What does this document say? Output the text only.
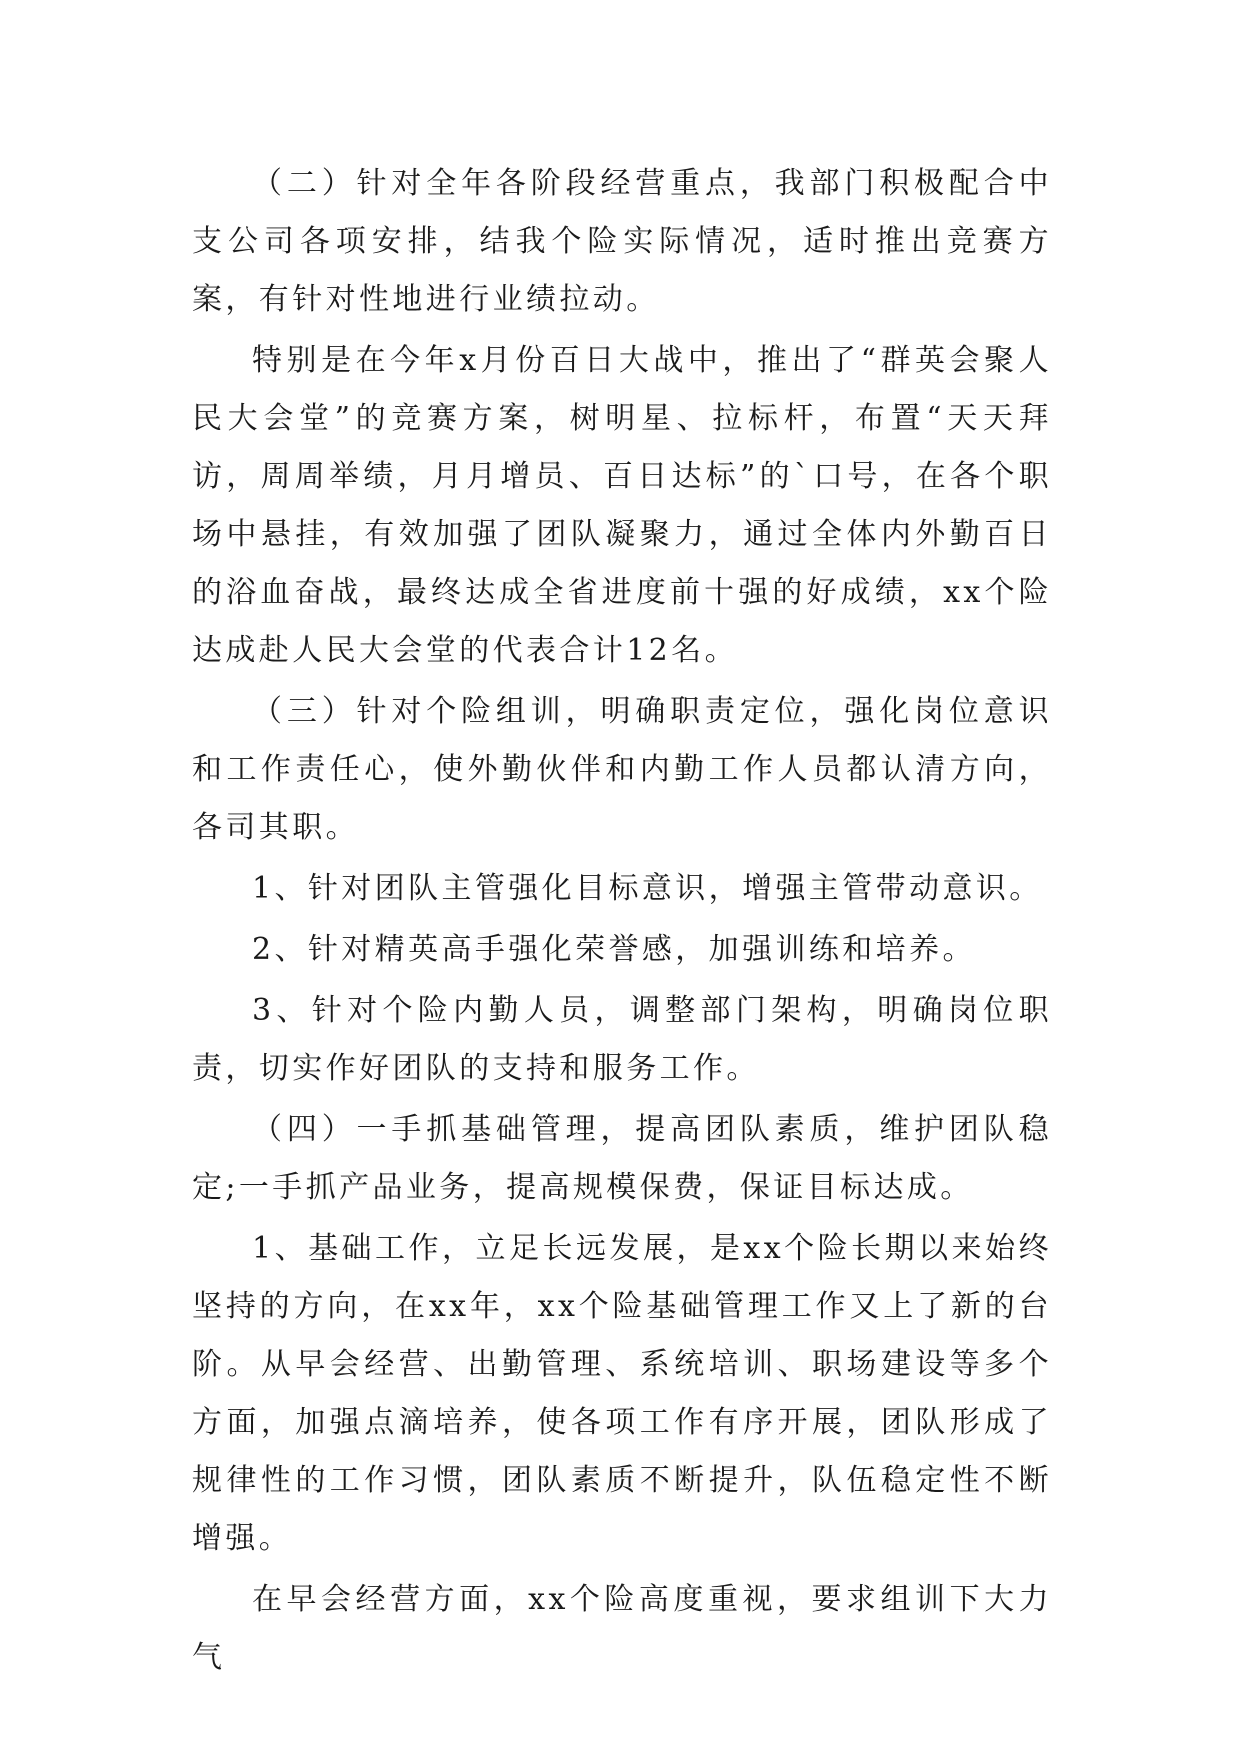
（二）针对全年各阶段经营重点，我部门积极配合中支公司各项安排，结我个险实际情况，适时推出竞赛方案，有针对性地进行业绩拉动。

特别是在今年x月份百日大战中，推出了“群英会聚人民大会堂”的竞赛方案，树明星、拉标杆，布置“天天拜访，周周举绩，月月增员、百日达标”的`口号，在各个职场中悬挂，有效加强了团队凝聚力，通过全体内外勤百日的浴血奋战，最终达成全省进度前十强的好成绩，xx个险达成赴人民大会堂的代表合计12名。

（三）针对个险组训，明确职责定位，强化岗位意识和工作责任心，使外勤伙伴和内勤工作人员都认清方向，各司其职。

1、针对团队主管强化目标意识，增强主管带动意识。

2、针对精英高手强化荣誉感，加强训练和培养。

3、针对个险内勤人员，调整部门架构，明确岗位职责，切实作好团队的支持和服务工作。

（四）一手抓基础管理，提高团队素质，维护团队稳定;一手抓产品业务，提高规模保费，保证目标达成。

1、基础工作，立足长远发展，是xx个险长期以来始终坚持的方向，在xx年，xx个险基础管理工作又上了新的台阶。从早会经营、出勤管理、系统培训、职场建设等多个方面，加强点滴培养，使各项工作有序开展，团队形成了规律性的工作习惯，团队素质不断提升，队伍稳定性不断增强。

在早会经营方面，xx个险高度重视，要求组训下大力气
